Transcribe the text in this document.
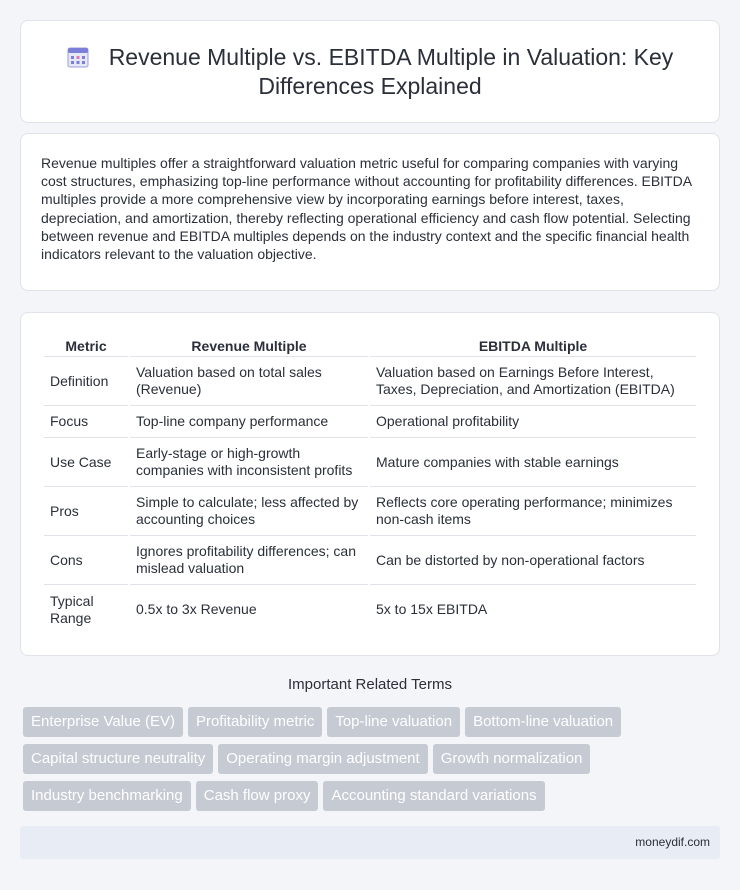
Revenue Multiple vs. EBITDA Multiple in Valuation: Key Differences Explained

Revenue multiples offer a straightforward valuation metric useful for comparing companies with varying cost structures, emphasizing top-line performance without accounting for profitability differences. EBITDA multiples provide a more comprehensive view by incorporating earnings before interest, taxes, depreciation, and amortization, thereby reflecting operational efficiency and cash flow potential. Selecting between revenue and EBITDA multiples depends on the industry context and the specific financial health indicators relevant to the valuation objective.

Metric	Revenue Multiple	EBITDA Multiple
Definition	Valuation based on total sales (Revenue)	Valuation based on Earnings Before Interest, Taxes, Depreciation, and Amortization (EBITDA)
Focus	Top-line company performance	Operational profitability
Use Case	Early-stage or high-growth companies with inconsistent profits	Mature companies with stable earnings
Pros	Simple to calculate; less affected by accounting choices	Reflects core operating performance; minimizes non-cash items
Cons	Ignores profitability differences; can mislead valuation	Can be distorted by non-operational factors
Typical Range	0.5x to 3x Revenue	5x to 15x EBITDA
Important Related Terms
Enterprise Value (EV) Profitability metric Top-line valuation Bottom-line valuation
Capital structure neutrality Operating margin adjustment Growth normalization
Industry benchmarking Cash flow proxy Accounting standard variations
moneydif.com
